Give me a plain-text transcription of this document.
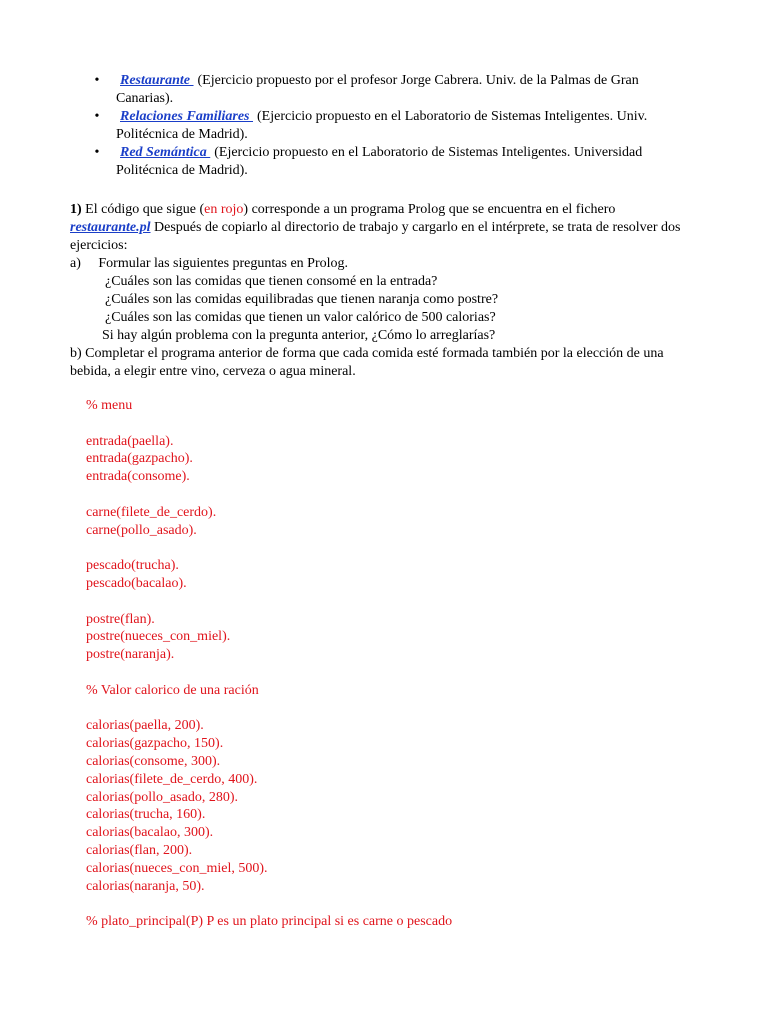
• Restaurante (Ejercicio propuesto por el profesor Jorge Cabrera. Univ. de la Palmas de Gran Canarias).
• Relaciones Familiares (Ejercicio propuesto en el Laboratorio de Sistemas Inteligentes. Univ. Politécnica de Madrid).
• Red Semántica (Ejercicio propuesto en el Laboratorio de Sistemas Inteligentes. Universidad Politécnica de Madrid).
1) El código que sigue (en rojo) corresponde a un programa Prolog que se encuentra en el fichero restaurante.pl Después de copiarlo al directorio de trabajo y cargarlo en el intérprete, se trata de resolver dos ejercicios:
a)     Formular las siguientes preguntas en Prolog.
¿Cuáles son las comidas que tienen consomé en la entrada?
¿Cuáles son las comidas equilibradas que tienen naranja como postre?
¿Cuáles son las comidas que tienen un valor calórico de 500 calorias?
Si hay algún problema con la pregunta anterior, ¿Cómo lo arreglarías?
b) Completar el programa anterior de forma que cada comida esté formada también por la elección de una bebida, a elegir entre vino, cerveza o agua mineral.
% menu
entrada(paella).
entrada(gazpacho).
entrada(consome).
carne(filete_de_cerdo).
carne(pollo_asado).
pescado(trucha).
pescado(bacalao).
postre(flan).
postre(nueces_con_miel).
postre(naranja).
% Valor calorico de una ración
calorias(paella, 200).
calorias(gazpacho, 150).
calorias(consome, 300).
calorias(filete_de_cerdo, 400).
calorias(pollo_asado, 280).
calorias(trucha, 160).
calorias(bacalao, 300).
calorias(flan, 200).
calorias(nueces_con_miel, 500).
calorias(naranja, 50).
% plato_principal(P) P es un plato principal si es carne o pescado
